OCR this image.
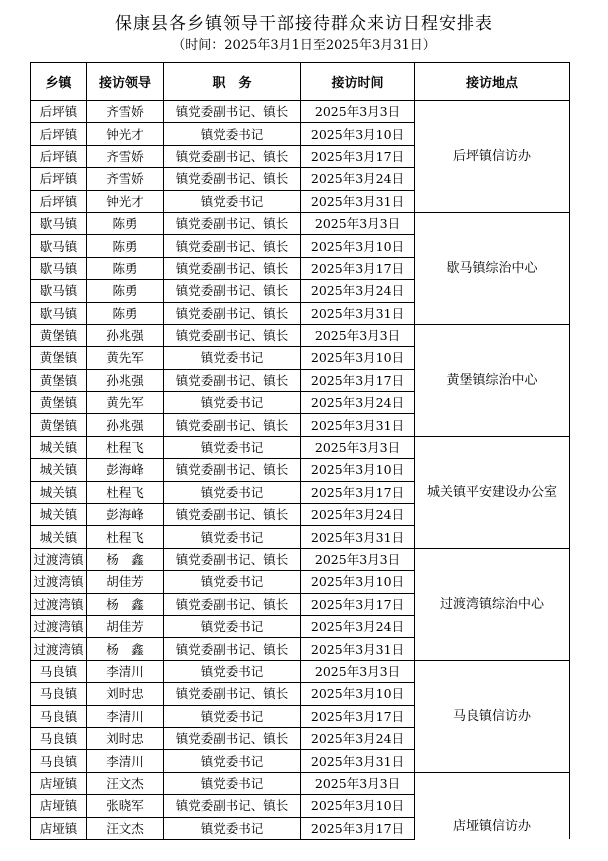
保康县各乡镇领导干部接待群众来访日程安排表
（时间：2025年3月1日至2025年3月31日）
乡镇	接访领导	职　务	接访时间	接访地点
后坪镇	齐雪娇	镇党委副书记、镇长	2025年3月3日	后坪镇信访办
后坪镇	钟光才	镇党委书记	2025年3月10日	
后坪镇	齐雪娇	镇党委副书记、镇长	2025年3月17日	
后坪镇	齐雪娇	镇党委副书记、镇长	2025年3月24日	
后坪镇	钟光才	镇党委书记	2025年3月31日	
歇马镇	陈勇	镇党委副书记、镇长	2025年3月3日	歇马镇综治中心
歇马镇	陈勇	镇党委副书记、镇长	2025年3月10日	
歇马镇	陈勇	镇党委副书记、镇长	2025年3月17日	
歇马镇	陈勇	镇党委副书记、镇长	2025年3月24日	
歇马镇	陈勇	镇党委副书记、镇长	2025年3月31日	
黄堡镇	孙兆强	镇党委副书记、镇长	2025年3月3日	黄堡镇综治中心
黄堡镇	黄先军	镇党委书记	2025年3月10日	
黄堡镇	孙兆强	镇党委副书记、镇长	2025年3月17日	
黄堡镇	黄先军	镇党委书记	2025年3月24日	
黄堡镇	孙兆强	镇党委副书记、镇长	2025年3月31日	
城关镇	杜程飞	镇党委书记	2025年3月3日	城关镇平安建设办公室
城关镇	彭海峰	镇党委副书记、镇长	2025年3月10日	
城关镇	杜程飞	镇党委书记	2025年3月17日	
城关镇	彭海峰	镇党委副书记、镇长	2025年3月24日	
城关镇	杜程飞	镇党委书记	2025年3月31日	
过渡湾镇	杨　鑫	镇党委副书记、镇长	2025年3月3日	过渡湾镇综治中心
过渡湾镇	胡佳芳	镇党委书记	2025年3月10日	
过渡湾镇	杨　鑫	镇党委副书记、镇长	2025年3月17日	
过渡湾镇	胡佳芳	镇党委书记	2025年3月24日	
过渡湾镇	杨　鑫	镇党委副书记、镇长	2025年3月31日	
马良镇	李清川	镇党委书记	2025年3月3日	马良镇信访办
马良镇	刘时忠	镇党委副书记、镇长	2025年3月10日	
马良镇	李清川	镇党委书记	2025年3月17日	
马良镇	刘时忠	镇党委副书记、镇长	2025年3月24日	
马良镇	李清川	镇党委书记	2025年3月31日	
店垭镇	汪文杰	镇党委书记	2025年3月3日	店垭镇信访办
店垭镇	张晓军	镇党委副书记、镇长	2025年3月10日	
店垭镇	汪文杰	镇党委书记	2025年3月17日	
